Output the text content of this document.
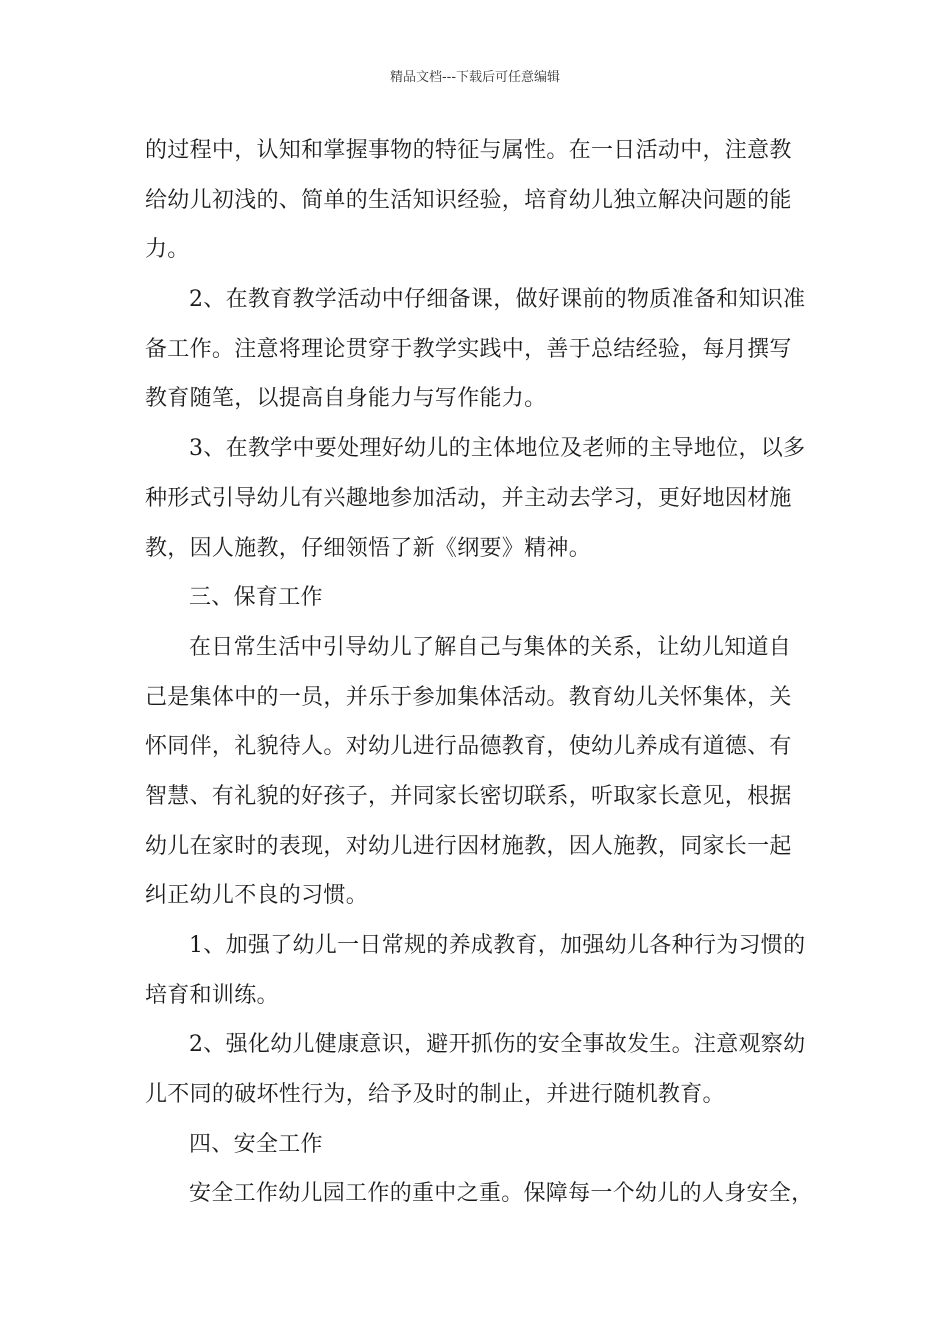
精品文档---下载后可任意编辑
的过程中，认知和掌握事物的特征与属性。在一日活动中，注意教
给幼儿初浅的、简单的生活知识经验，培育幼儿独立解决问题的能
力。
2、在教育教学活动中仔细备课，做好课前的物质准备和知识准
备工作。注意将理论贯穿于教学实践中，善于总结经验，每月撰写
教育随笔，以提高自身能力与写作能力。
3、在教学中要处理好幼儿的主体地位及老师的主导地位，以多
种形式引导幼儿有兴趣地参加活动，并主动去学习，更好地因材施
教，因人施教，仔细领悟了新《纲要》精神。
三、保育工作
在日常生活中引导幼儿了解自己与集体的关系，让幼儿知道自
己是集体中的一员，并乐于参加集体活动。教育幼儿关怀集体，关
怀同伴，礼貌待人。对幼儿进行品德教育，使幼儿养成有道德、有
智慧、有礼貌的好孩子，并同家长密切联系，听取家长意见，根据
幼儿在家时的表现，对幼儿进行因材施教，因人施教，同家长一起
纠正幼儿不良的习惯。
1、加强了幼儿一日常规的养成教育，加强幼儿各种行为习惯的
培育和训练。
2、强化幼儿健康意识，避开抓伤的安全事故发生。注意观察幼
儿不同的破坏性行为，给予及时的制止，并进行随机教育。
四、安全工作
安全工作幼儿园工作的重中之重。保障每一个幼儿的人身安全，
